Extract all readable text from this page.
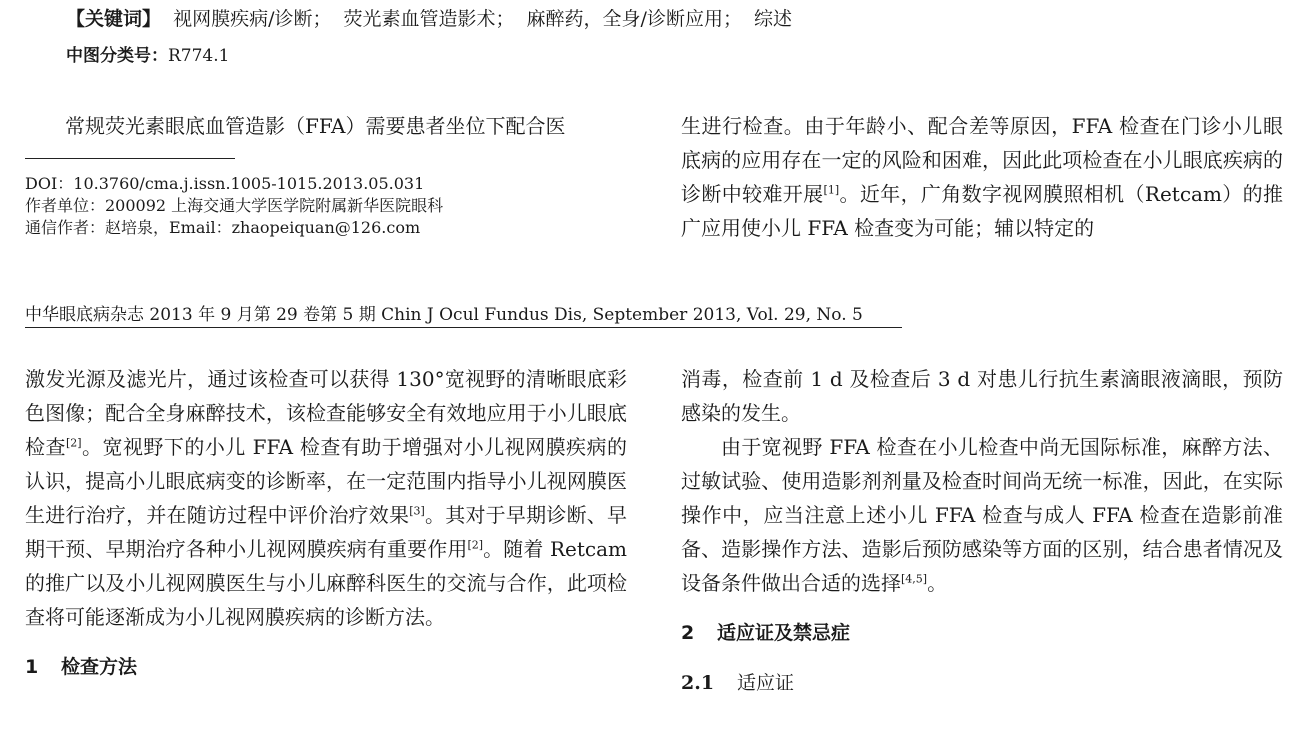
【关键词】 视网膜疾病/诊断； 荧光素血管造影术； 麻醉药，全身/诊断应用； 综述
中图分类号：R774.1

常规荧光素眼底血管造影（FFA）需要患者坐位下配合医

DOI：10.3760/cma.j.issn.1005-1015.2013.05.031
作者单位：200092 上海交通大学医学院附属新华医院眼科
通信作者：赵培泉，Email：zhaopeiquan@126.com

生进行检查。由于年龄小、配合差等原因，FFA 检查在门诊小儿眼底病的应用存在一定的风险和困难，因此此项检查在小儿眼底疾病的诊断中较难开展[1]。近年，广角数字视网膜照相机（Retcam）的推广应用使小儿 FFA 检查变为可能；辅以特定的

中华眼底病杂志 2013 年 9 月第 29 卷第 5 期 Chin J Ocul Fundus Dis, September 2013, Vol. 29, No. 5

激发光源及滤光片，通过该检查可以获得 130°宽视野的清晰眼底彩色图像；配合全身麻醉技术，该检查能够安全有效地应用于小儿眼底检查[2]。宽视野下的小儿 FFA 检查有助于增强对小儿视网膜疾病的认识，提高小儿眼底病变的诊断率，在一定范围内指导小儿视网膜医生进行治疗，并在随访过程中评价治疗效果[3]。其对于早期诊断、早期干预、早期治疗各种小儿视网膜疾病有重要作用[2]。随着 Retcam 的推广以及小儿视网膜医生与小儿麻醉科医生的交流与合作，此项检查将可能逐渐成为小儿视网膜疾病的诊断方法。

1 检查方法

消毒，检查前 1 d 及检查后 3 d 对患儿行抗生素滴眼液滴眼，预防感染的发生。

由于宽视野 FFA 检查在小儿检查中尚无国际标准，麻醉方法、过敏试验、使用造影剂剂量及检查时间尚无统一标准，因此，在实际操作中，应当注意上述小儿 FFA 检查与成人 FFA 检查在造影前准备、造影操作方法、造影后预防感染等方面的区别，结合患者情况及设备条件做出合适的选择[4,5]。

2 适应证及禁忌症

2.1 适应证
